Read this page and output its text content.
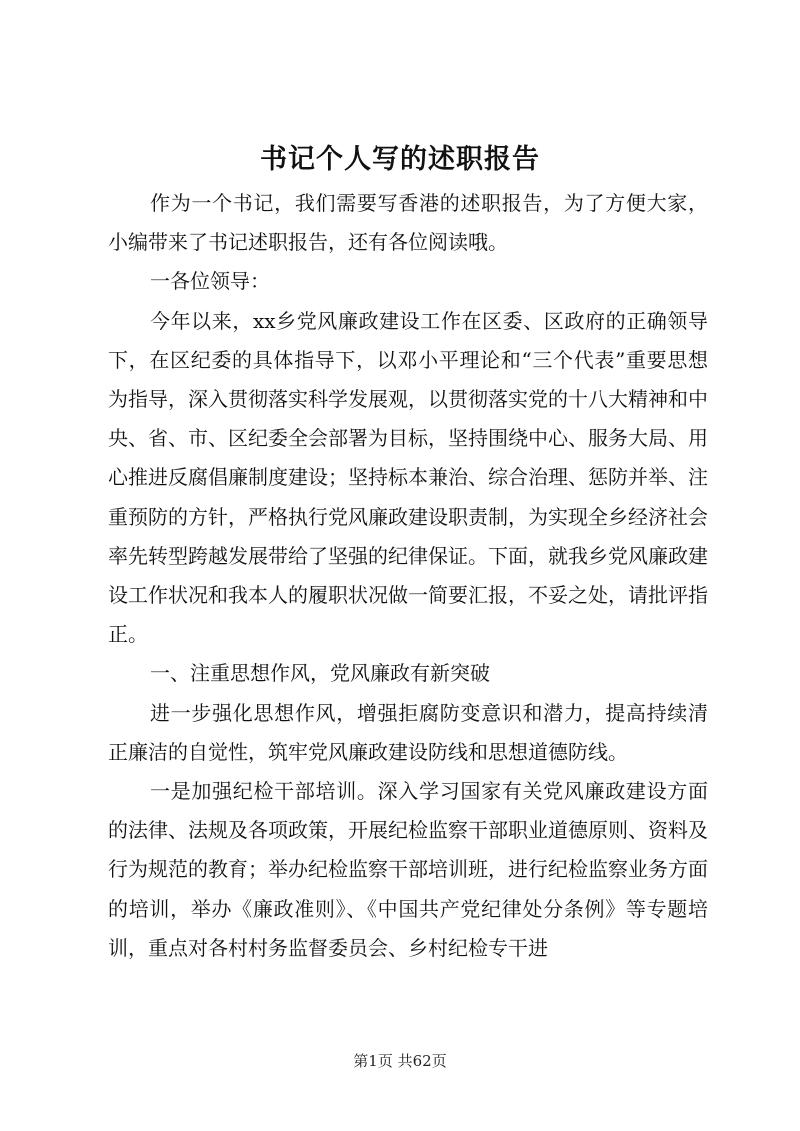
书记个人写的述职报告

作为一个书记，我们需要写香港的述职报告，为了方便大家，小编带来了书记述职报告，还有各位阅读哦。

一各位领导：

今年以来，xx乡党风廉政建设工作在区委、区政府的正确领导下，在区纪委的具体指导下，以邓小平理论和“三个代表”重要思想为指导，深入贯彻落实科学发展观，以贯彻落实党的十八大精神和中央、省、市、区纪委全会部署为目标，坚持围绕中心、服务大局、用心推进反腐倡廉制度建设；坚持标本兼治、综合治理、惩防并举、注重预防的方针，严格执行党风廉政建设职责制，为实现全乡经济社会率先转型跨越发展带给了坚强的纪律保证。下面，就我乡党风廉政建设工作状况和我本人的履职状况做一简要汇报，不妥之处，请批评指正。

一、注重思想作风，党风廉政有新突破

进一步强化思想作风，增强拒腐防变意识和潜力，提高持续清正廉洁的自觉性，筑牢党风廉政建设防线和思想道德防线。

一是加强纪检干部培训。深入学习国家有关党风廉政建设方面的法律、法规及各项政策，开展纪检监察干部职业道德原则、资料及行为规范的教育；举办纪检监察干部培训班，进行纪检监察业务方面的培训，举办《廉政准则》、《中国共产党纪律处分条例》等专题培训，重点对各村村务监督委员会、乡村纪检专干进

第1页 共62页
